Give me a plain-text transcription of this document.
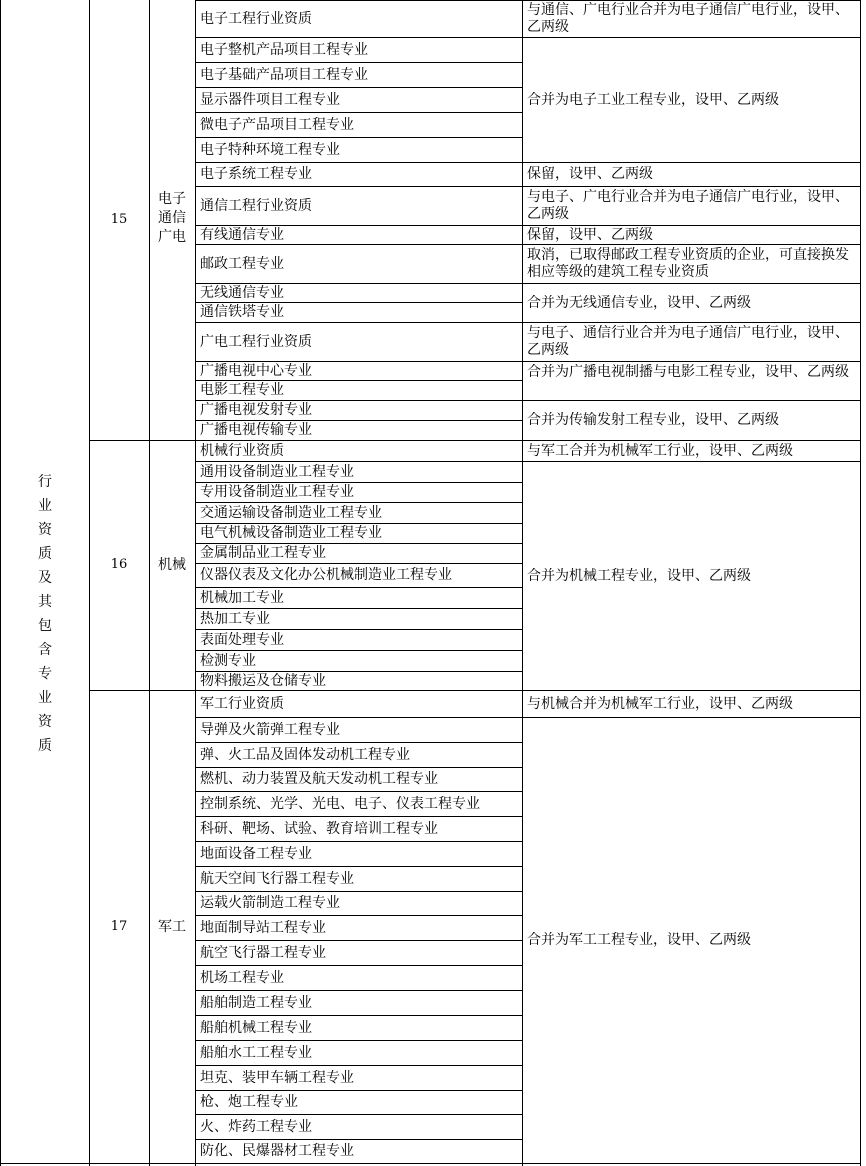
行业资质及其包含专业资质
15
电子通信广电
电子工程行业资质
电子整机产品项目工程专业
电子基础产品项目工程专业
显示器件项目工程专业
微电子产品项目工程专业
电子特种环境工程专业
电子系统工程专业
通信工程行业资质
有线通信专业
邮政工程专业
无线通信专业
通信铁塔专业
广电工程行业资质
广播电视中心专业
电影工程专业
广播电视发射专业
广播电视传输专业
与通信、广电行业合并为电子通信广电行业，设甲、乙两级
合并为电子工业工程专业，设甲、乙两级
保留，设甲、乙两级
与电子、广电行业合并为电子通信广电行业，设甲、乙两级
保留，设甲、乙两级
取消，已取得邮政工程专业资质的企业，可直接换发相应等级的建筑工程专业资质
合并为无线通信专业，设甲、乙两级
与电子、通信行业合并为电子通信广电行业，设甲、乙两级
合并为广播电视制播与电影工程专业，设甲、乙两级
合并为传输发射工程专业，设甲、乙两级
16	机械
机械行业资质
通用设备制造业工程专业
专用设备制造业工程专业
交通运输设备制造业工程专业
电气机械设备制造业工程专业
金属制品业工程专业
仪器仪表及文化办公机械制造业工程专业
机械加工专业
热加工专业
表面处理专业
检测专业
物料搬运及仓储专业
与军工合并为机械军工行业，设甲、乙两级
合并为机械工程专业，设甲、乙两级
17	军工
军工行业资质
导弹及火箭弹工程专业
弹、火工品及固体发动机工程专业
燃机、动力装置及航天发动机工程专业
控制系统、光学、光电、电子、仪表工程专业
科研、靶场、试验、教育培训工程专业
地面设备工程专业
航天空间飞行器工程专业
运载火箭制造工程专业
地面制导站工程专业
航空飞行器工程专业
机场工程专业
船舶制造工程专业
船舶机械工程专业
船舶水工工程专业
坦克、装甲车辆工程专业
枪、炮工程专业
火、炸药工程专业
防化、民爆器材工程专业
与机械合并为机械军工行业，设甲、乙两级
合并为军工工程专业，设甲、乙两级
